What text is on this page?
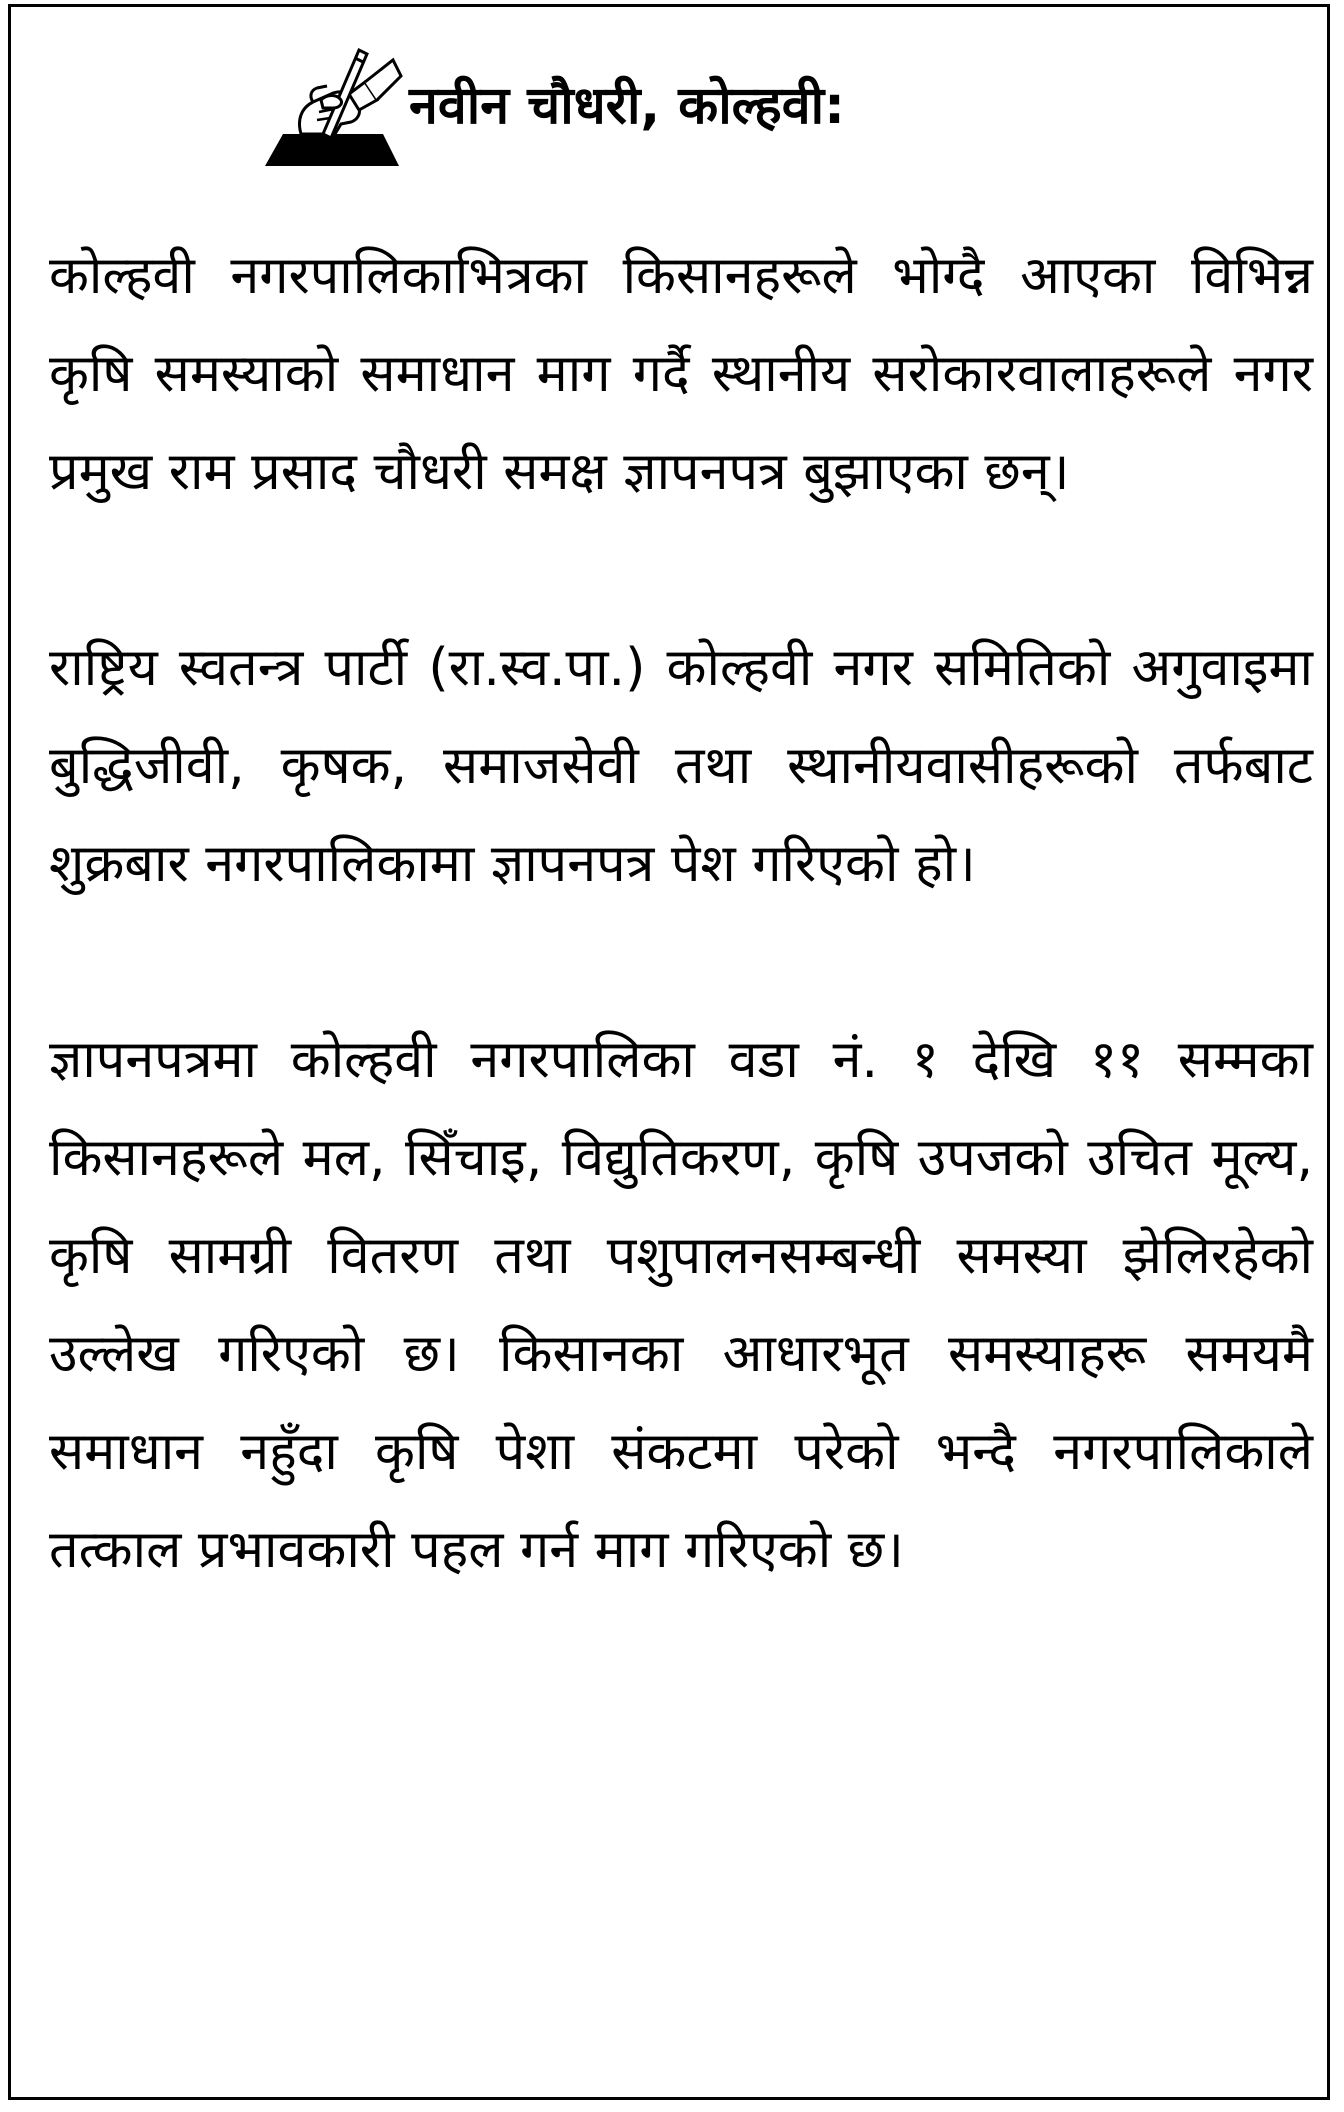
नवीन चौधरी, कोल्हवी:

कोल्हवी नगरपालिकाभित्रका किसानहरूले भोग्दै आएका विभिन्न कृषि समस्याको समाधान माग गर्दै स्थानीय सरोकारवालाहरूले नगर प्रमुख राम प्रसाद चौधरी समक्ष ज्ञापनपत्र बुझाएका छन्।

राष्ट्रिय स्वतन्त्र पार्टी (रा.स्व.पा.) कोल्हवी नगर समितिको अगुवाइमा बुद्धिजीवी, कृषक, समाजसेवी तथा स्थानीयवासीहरूको तर्फबाट शुक्रबार नगरपालिकामा ज्ञापनपत्र पेश गरिएको हो।

ज्ञापनपत्रमा कोल्हवी नगरपालिका वडा नं. १ देखि ११ सम्मका किसानहरूले मल, सिँचाइ, विद्युतिकरण, कृषि उपजको उचित मूल्य, कृषि सामग्री वितरण तथा पशुपालनसम्बन्धी समस्या झेलिरहेको उल्लेख गरिएको छ। किसानका आधारभूत समस्याहरू समयमै समाधान नहुँदा कृषि पेशा संकटमा परेको भन्दै नगरपालिकाले तत्काल प्रभावकारी पहल गर्न माग गरिएको छ।
